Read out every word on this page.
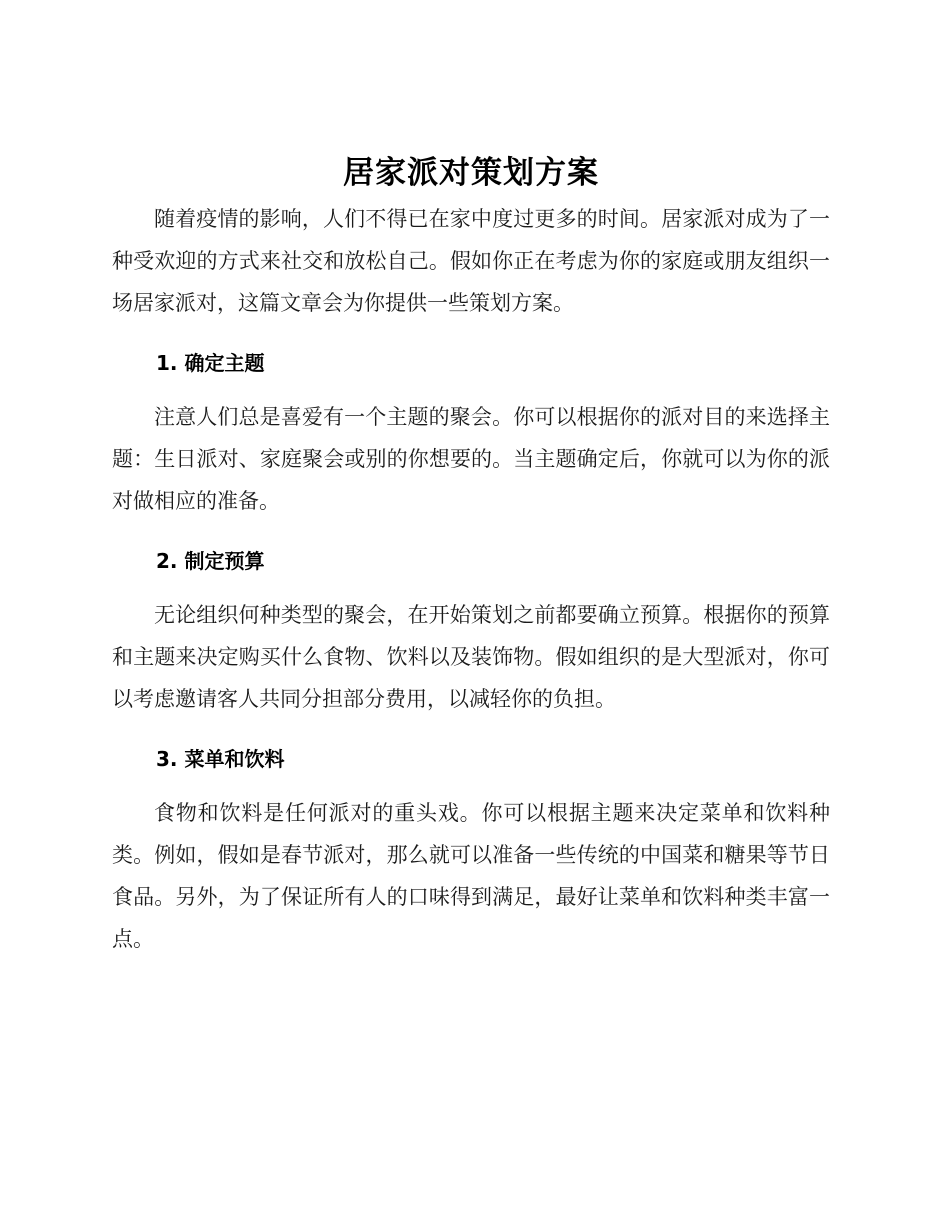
居家派对策划方案

随着疫情的影响，人们不得已在家中度过更多的时间。居家派对成为了一种受欢迎的方式来社交和放松自己。假如你正在考虑为你的家庭或朋友组织一场居家派对，这篇文章会为你提供一些策划方案。

1. 确定主题

注意人们总是喜爱有一个主题的聚会。你可以根据你的派对目的来选择主题：生日派对、家庭聚会或别的你想要的。当主题确定后，你就可以为你的派对做相应的准备。

2. 制定预算

无论组织何种类型的聚会，在开始策划之前都要确立预算。根据你的预算和主题来决定购买什么食物、饮料以及装饰物。假如组织的是大型派对，你可以考虑邀请客人共同分担部分费用，以减轻你的负担。

3. 菜单和饮料

食物和饮料是任何派对的重头戏。你可以根据主题来决定菜单和饮料种类。例如，假如是春节派对，那么就可以准备一些传统的中国菜和糖果等节日食品。另外，为了保证所有人的口味得到满足，最好让菜单和饮料种类丰富一点。
